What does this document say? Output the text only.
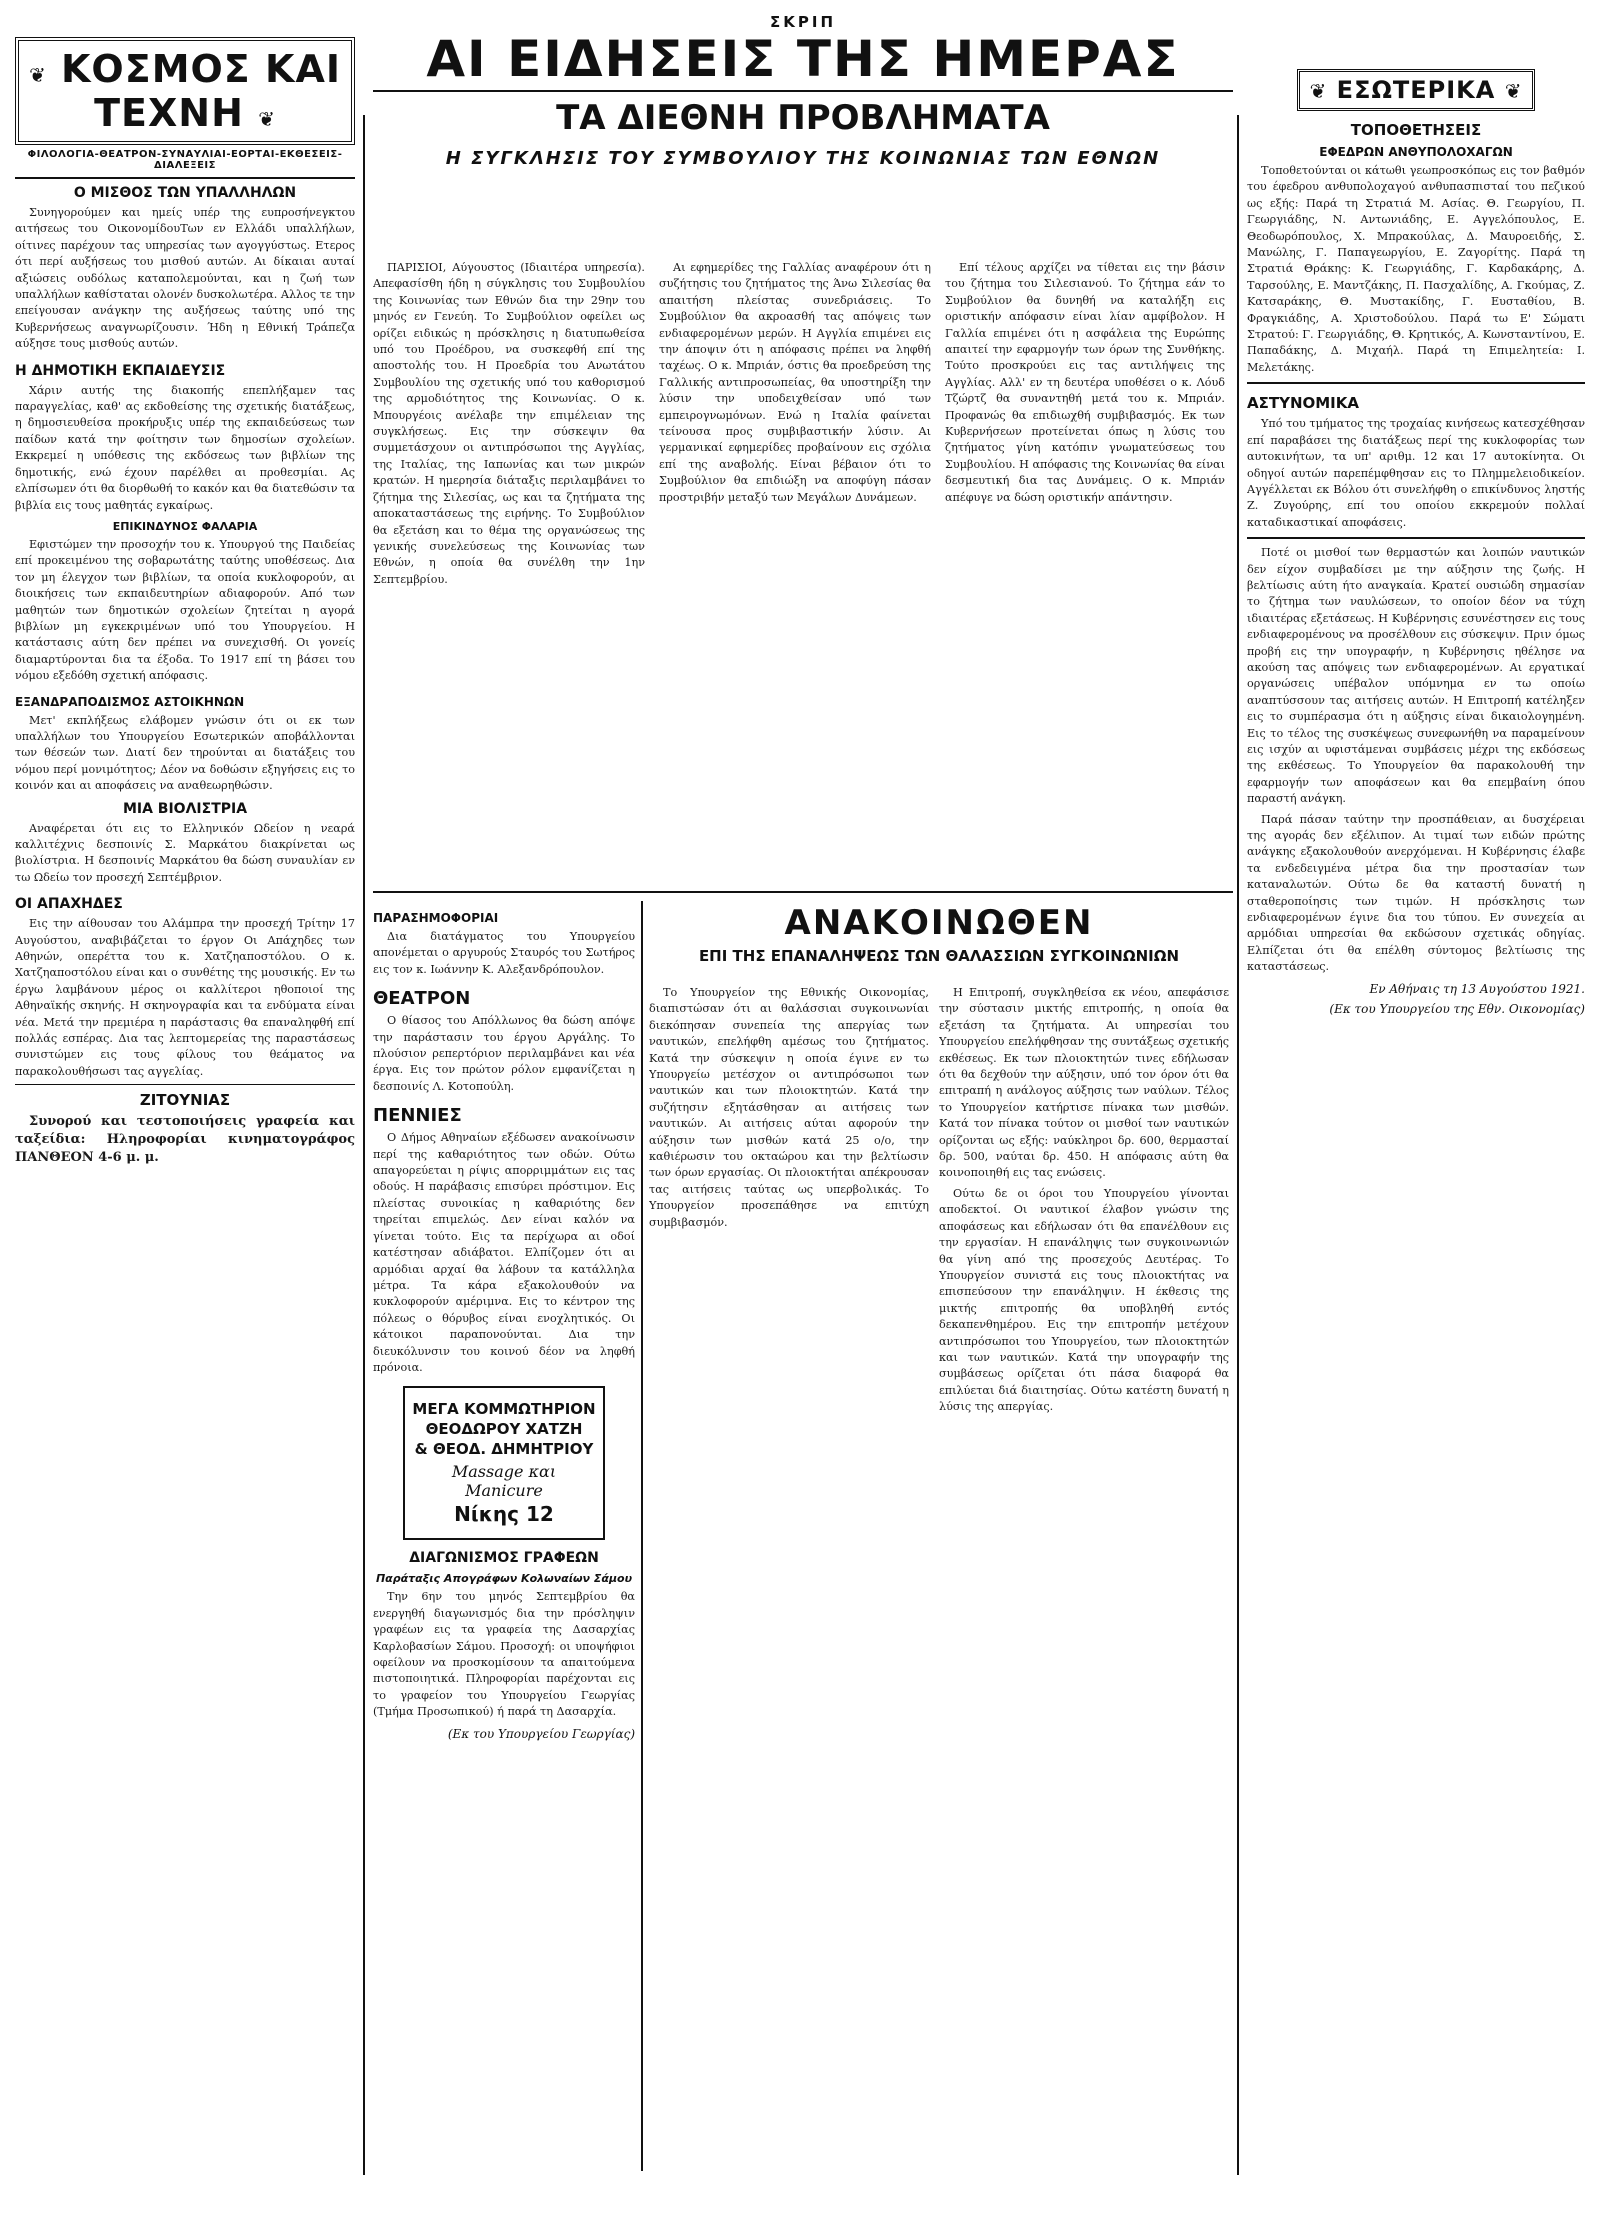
❦ ΚΟΣΜΟΣ ΚΑΙ ΤΕΧΝΗ ❦
ΦΙΛΟΛΟΓΙΑ-ΘΕΑΤΡΟΝ-ΣΥΝΑΥΛΙΑΙ-ΕΟΡΤΑΙ-ΕΚΘΕΣΕΙΣ-ΔΙΑΛΕΞΕΙΣ
Ο ΜΙΣΘΟΣ ΤΩΝ ΥΠΑΛΛΗΛΩΝ

Συνηγορούμεν και ημείς υπέρ της ευπροσήνεγκτου αιτήσεως του ΟικονομίδουΤων εν Ελλάδι υπαλλήλων, οίτινες παρέχουν τας υπηρεσίας των αγογγύστως. Ετερος ότι περί αυξήσεως του μισθού αυτών. Αι δίκαιαι αυταί αξιώσεις ουδόλως καταπολεμούνται, και η ζωή των υπαλλήλων καθίσταται ολονέν δυσκολωτέρα. Αλλος τε την επείγουσαν ανάγκην της αυξήσεως ταύτης υπό της Κυβερνήσεως αναγνωρίζουσιν. Ήδη η Εθνική Τράπεζα αύξησε τους μισθούς αυτών.

Η ΔΗΜΟΤΙΚΗ ΕΚΠΑΙΔΕΥΣΙΣ

Χάριν αυτής της διακοπής επεπλήξαμεν τας παραγγελίας, καθ' ας εκδοθείσης της σχετικής διατάξεως, η δημοσιευθείσα προκήρυξις υπέρ της εκπαιδεύσεως των παίδων κατά την φοίτησιν των δημοσίων σχολείων. Εκκρεμεί η υπόθεσις της εκδόσεως των βιβλίων της δημοτικής, ενώ έχουν παρέλθει αι προθεσμίαι. Ας ελπίσωμεν ότι θα διορθωθή το κακόν και θα διατεθώσιν τα βιβλία εις τους μαθητάς εγκαίρως.

ΕΠΙΚΙΝΔΥΝΟΣ ΦΑΛΑΡΙΑ

Εφιστώμεν την προσοχήν του κ. Υπουργού της Παιδείας επί προκειμένου της σοβαρωτάτης ταύτης υποθέσεως. Δια τον μη έλεγχον των βιβλίων, τα οποία κυκλοφορούν, αι διοικήσεις των εκπαιδευτηρίων αδιαφορούν. Από των μαθητών των δημοτικών σχολείων ζητείται η αγορά βιβλίων μη εγκεκριμένων υπό του Υπουργείου. Η κατάστασις αύτη δεν πρέπει να συνεχισθή. Οι γονείς διαμαρτύρονται δια τα έξοδα. Το 1917 επί τη βάσει του νόμου εξεδόθη σχετική απόφασις.

ΕΞΑΝΔΡΑΠΟΔΙΣΜΟΣ ΑΣΤΟΙΚΗΝΩΝ

Μετ' εκπλήξεως ελάβομεν γνώσιν ότι οι εκ των υπαλλήλων του Υπουργείου Εσωτερικών αποβάλλονται των θέσεών των. Διατί δεν τηρούνται αι διατάξεις του νόμου περί μονιμότητος; Δέον να δοθώσιν εξηγήσεις εις το κοινόν και αι αποφάσεις να αναθεωρηθώσιν.

ΜΙΑ ΒΙΟΛΙΣΤΡΙΑ

Αναφέρεται ότι εις το Ελληνικόν Ωδείον η νεαρά καλλιτέχνις δεσποινίς Σ. Μαρκάτου διακρίνεται ως βιολίστρια. Η δεσποινίς Μαρκάτου θα δώση συναυλίαν εν τω Ωδείω τον προσεχή Σεπτέμβριον.

ΟΙ ΑΠΑΧΗΔΕΣ

Εις την αίθουσαν του Αλάμπρα την προσεχή Τρίτην 17 Αυγούστου, αναβιβάζεται το έργον Οι Απάχηδες των Αθηνών, οπερέττα του κ. Χατζηαποστόλου. Ο κ. Χατζηαποστόλου είναι και ο συνθέτης της μουσικής. Εν τω έργω λαμβάνουν μέρος οι καλλίτεροι ηθοποιοί της Αθηναϊκής σκηνής. Η σκηνογραφία και τα ενδύματα είναι νέα. Μετά την πρεμιέρα η παράστασις θα επαναληφθή επί πολλάς εσπέρας. Δια τας λεπτομερείας της παραστάσεως συνιστώμεν εις τους φίλους του θεάματος να παρακολουθήσωσι τας αγγελίας.

ΖΙΤΟΥΝΙΑΣ

Συνορού και τεστοποιήσεις γραφεία και ταξείδια: Ηληροφορίαι κινηματογράφος ΠΑΝΘΕΟΝ 4-6 μ. μ.

ΣΚΡΙΠ
ΑΙ ΕΙΔΗΣΕΙΣ ΤΗΣ ΗΜΕΡΑΣ
ΤΑ ΔΙΕΘΝΗ ΠΡΟΒΛΗΜΑΤΑ
Η ΣΥΓΚΛΗΣΙΣ ΤΟΥ ΣΥΜΒΟΥΛΙΟΥ ΤΗΣ ΚΟΙΝΩΝΙΑΣ ΤΩΝ ΕΘΝΩΝ

ΠΑΡΙΣΙΟΙ, Αύγουστος (Ιδιαιτέρα υπηρεσία). Απεφασίσθη ήδη η σύγκλησις του Συμβουλίου της Κοινωνίας των Εθνών δια την 29ην του μηνός εν Γενεύη. Το Συμβούλιον οφείλει ως ορίζει ειδικώς η πρόσκλησις η διατυπωθείσα υπό του Προέδρου, να συσκεφθή επί της αποστολής του. Η Προεδρία του Ανωτάτου Συμβουλίου της σχετικής υπό του καθορισμού της αρμοδιότητος της Κοινωνίας. Ο κ. Μπουργέοις ανέλαβε την επιμέλειαν της συγκλήσεως. Εις την σύσκεψιν θα συμμετάσχουν οι αντιπρόσωποι της Αγγλίας, της Ιταλίας, της Ιαπωνίας και των μικρών κρατών. Η ημερησία διάταξις περιλαμβάνει το ζήτημα της Σιλεσίας, ως και τα ζητήματα της αποκαταστάσεως της ειρήνης. Το Συμβούλιον θα εξετάση και το θέμα της οργανώσεως της γενικής συνελεύσεως της Κοινωνίας των Εθνών, η οποία θα συνέλθη την 1ην Σεπτεμβρίου.

Αι εφημερίδες της Γαλλίας αναφέρουν ότι η συζήτησις του ζητήματος της Άνω Σιλεσίας θα απαιτήση πλείστας συνεδριάσεις. Το Συμβούλιον θα ακροασθή τας απόψεις των ενδιαφερομένων μερών. Η Αγγλία επιμένει εις την άποψιν ότι η απόφασις πρέπει να ληφθή ταχέως. Ο κ. Μπριάν, όστις θα προεδρεύση της Γαλλικής αντιπροσωπείας, θα υποστηρίξη την λύσιν την υποδειχθείσαν υπό των εμπειρογνωμόνων. Ενώ η Ιταλία φαίνεται τείνουσα προς συμβιβαστικήν λύσιν. Αι γερμανικαί εφημερίδες προβαίνουν εις σχόλια επί της αναβολής. Είναι βέβαιον ότι το Συμβούλιον θα επιδιώξη να αποφύγη πάσαν προστριβήν μεταξύ των Μεγάλων Δυνάμεων.

Επί τέλους αρχίζει να τίθεται εις την βάσιν του ζήτημα του Σιλεσιανού. Το ζήτημα εάν το Συμβούλιον θα δυνηθή να καταλήξη εις οριστικήν απόφασιν είναι λίαν αμφίβολον. Η Γαλλία επιμένει ότι η ασφάλεια της Ευρώπης απαιτεί την εφαρμογήν των όρων της Συνθήκης. Τούτο προσκρούει εις τας αντιλήψεις της Αγγλίας. Αλλ' εν τη δευτέρα υποθέσει ο κ. Λόυδ Τζώρτζ θα συναντηθή μετά του κ. Μπριάν. Προφανώς θα επιδιωχθή συμβιβασμός. Εκ των Κυβερνήσεων προτείνεται όπως η λύσις του ζητήματος γίνη κατόπιν γνωματεύσεως του Συμβουλίου. Η απόφασις της Κοινωνίας θα είναι δεσμευτική δια τας Δυνάμεις. Ο κ. Μπριάν απέφυγε να δώση οριστικήν απάντησιν.

ΠΑΡΑΣΗΜΟΦΟΡΙΑΙ

Δια διατάγματος του Υπουργείου απονέμεται ο αργυρούς Σταυρός του Σωτήρος εις τον κ. Ιωάννην Κ. Αλεξανδρόπουλον.

ΘΕΑΤΡΟΝ

Ο θίασος του Απόλλωνος θα δώση απόψε την παράστασιν του έργου Αργάλης. Το πλούσιον ρεπερτόριον περιλαμβάνει και νέα έργα. Εις τον πρώτον ρόλον εμφανίζεται η δεσποινίς Λ. Κοτοπούλη.

ΠΕΝΝΙΕΣ

Ο Δήμος Αθηναίων εξέδωσεν ανακοίνωσιν περί της καθαριότητος των οδών. Ούτω απαγορεύεται η ρίψις απορριμμάτων εις τας οδούς. Η παράβασις επισύρει πρόστιμον. Εις πλείστας συνοικίας η καθαριότης δεν τηρείται επιμελώς. Δεν είναι καλόν να γίνεται τούτο. Εις τα περίχωρα αι οδοί κατέστησαν αδιάβατοι. Ελπίζομεν ότι αι αρμόδιαι αρχαί θα λάβουν τα κατάλληλα μέτρα. Τα κάρα εξακολουθούν να κυκλοφορούν αμέριμνα. Εις το κέντρον της πόλεως ο θόρυβος είναι ενοχλητικός. Οι κάτοικοι παραπονούνται. Δια την διευκόλυνσιν του κοινού δέον να ληφθή πρόνοια.

ΜΕΓΑ ΚΟΜΜΩΤΗΡΙΟΝ
ΘΕΟΔΩΡΟΥ ΧΑΤΖΗ
& ΘΕΟΔ. ΔΗΜΗΤΡΙΟΥ
Massage και Manicure
Νίκης 12
ΔΙΑΓΩΝΙΣΜΟΣ ΓΡΑΦΕΩΝ
Παράταξις Απογράφων Κολωναίων Σάμου

Την 6ην του μηνός Σεπτεμβρίου θα ενεργηθή διαγωνισμός δια την πρόσληψιν γραφέων εις τα γραφεία της Δασαρχίας Καρλοβασίων Σάμου. Προσοχή: οι υποψήφιοι οφείλουν να προσκομίσουν τα απαιτούμενα πιστοποιητικά. Πληροφορίαι παρέχονται εις το γραφείον του Υπουργείου Γεωργίας (Τμήμα Προσωπικού) ή παρά τη Δασαρχία.

(Εκ του Υπουργείου Γεωργίας)
ΑΝΑΚΟΙΝΩΘΕΝ
ΕΠΙ ΤΗΣ ΕΠΑΝΑΛΗΨΕΩΣ ΤΩΝ ΘΑΛΑΣΣΙΩΝ ΣΥΓΚΟΙΝΩΝΙΩΝ

Το Υπουργείον της Εθνικής Οικονομίας, διαπιστώσαν ότι αι θαλάσσιαι συγκοινωνίαι διεκόπησαν συνεπεία της απεργίας των ναυτικών, επελήφθη αμέσως του ζητήματος. Κατά την σύσκεψιν η οποία έγινε εν τω Υπουργείω μετέσχον οι αντιπρόσωποι των ναυτικών και των πλοιοκτητών. Κατά την συζήτησιν εξητάσθησαν αι αιτήσεις των ναυτικών. Αι αιτήσεις αύται αφορούν την αύξησιν των μισθών κατά 25 ο/ο, την καθιέρωσιν του οκταώρου και την βελτίωσιν των όρων εργασίας. Οι πλοιοκτήται απέκρουσαν τας αιτήσεις ταύτας ως υπερβολικάς. Το Υπουργείον προσεπάθησε να επιτύχη συμβιβασμόν.

Η Επιτροπή, συγκληθείσα εκ νέου, απεφάσισε την σύστασιν μικτής επιτροπής, η οποία θα εξετάση τα ζητήματα. Αι υπηρεσίαι του Υπουργείου επελήφθησαν της συντάξεως σχετικής εκθέσεως. Εκ των πλοιοκτητών τινες εδήλωσαν ότι θα δεχθούν την αύξησιν, υπό τον όρον ότι θα επιτραπή η ανάλογος αύξησις των ναύλων. Τέλος το Υπουργείον κατήρτισε πίνακα των μισθών. Κατά τον πίνακα τούτον οι μισθοί των ναυτικών ορίζονται ως εξής: ναύκληροι δρ. 600, θερμασταί δρ. 500, ναύται δρ. 450. Η απόφασις αύτη θα κοινοποιηθή εις τας ενώσεις.

Ούτω δε οι όροι του Υπουργείου γίνονται αποδεκτοί. Οι ναυτικοί έλαβον γνώσιν της αποφάσεως και εδήλωσαν ότι θα επανέλθουν εις την εργασίαν. Η επανάληψις των συγκοινωνιών θα γίνη από της προσεχούς Δευτέρας. Το Υπουργείον συνιστά εις τους πλοιοκτήτας να επισπεύσουν την επανάληψιν. Η έκθεσις της μικτής επιτροπής θα υποβληθή εντός δεκαπενθημέρου. Εις την επιτροπήν μετέχουν αντιπρόσωποι του Υπουργείου, των πλοιοκτητών και των ναυτικών. Κατά την υπογραφήν της συμβάσεως ορίζεται ότι πάσα διαφορά θα επιλύεται διά διαιτησίας. Ούτω κατέστη δυνατή η λύσις της απεργίας.

❦ ΕΣΩΤΕΡΙΚΑ ❦
ΤΟΠΟΘΕΤΗΣΕΙΣ
ΕΦΕΔΡΩΝ ΑΝΘΥΠΟΛΟΧΑΓΩΝ

Τοποθετούνται οι κάτωθι γεωπροσκόπως εις τον βαθμόν του έφεδρου ανθυπολοχαγού ανθυπασπισταί του πεζικού ως εξής: Παρά τη Στρατιά Μ. Ασίας. Θ. Γεωργίου, Π. Γεωργιάδης, Ν. Αντωνιάδης, Ε. Αγγελόπουλος, Ε. Θεοδωρόπουλος, Χ. Μπρακούλας, Δ. Μαυροειδής, Σ. Μανώλης, Γ. Παπαγεωργίου, Ε. Ζαγορίτης. Παρά τη Στρατιά Θράκης: Κ. Γεωργιάδης, Γ. Καρδακάρης, Δ. Ταρσούλης, Ε. Μαντζάκης, Π. Πασχαλίδης, Α. Γκούμας, Ζ. Κατσαράκης, Θ. Μυστακίδης, Γ. Ευσταθίου, Β. Φραγκιάδης, Α. Χριστοδούλου. Παρά τω Ε' Σώματι Στρατού: Γ. Γεωργιάδης, Θ. Κρητικός, Α. Κωνσταντίνου, Ε. Παπαδάκης, Δ. Μιχαήλ. Παρά τη Επιμελητεία: Ι. Μελετάκης.

ΑΣΤΥΝΟΜΙΚΑ

Υπό του τμήματος της τροχαίας κινήσεως κατεσχέθησαν επί παραβάσει της διατάξεως περί της κυκλοφορίας των αυτοκινήτων, τα υπ' αριθμ. 12 και 17 αυτοκίνητα. Οι οδηγοί αυτών παρεπέμφθησαν εις το Πλημμελειοδικείον. Αγγέλλεται εκ Βόλου ότι συνελήφθη ο επικίνδυνος ληστής Ζ. Ζυγούρης, επί του οποίου εκκρεμούν πολλαί καταδικαστικαί αποφάσεις.

Ποτέ οι μισθοί των θερμαστών και λοιπών ναυτικών δεν είχον συμβαδίσει με την αύξησιν της ζωής. Η βελτίωσις αύτη ήτο αναγκαία. Κρατεί ουσιώδη σημασίαν το ζήτημα των ναυλώσεων, το οποίον δέον να τύχη ιδιαιτέρας εξετάσεως. Η Κυβέρνησις εσυνέστησεν εις τους ενδιαφερομένους να προσέλθουν εις σύσκεψιν. Πριν όμως προβή εις την υπογραφήν, η Κυβέρνησις ηθέλησε να ακούση τας απόψεις των ενδιαφερομένων. Αι εργατικαί οργανώσεις υπέβαλον υπόμνημα εν τω οποίω αναπτύσσουν τας αιτήσεις αυτών. Η Επιτροπή κατέληξεν εις το συμπέρασμα ότι η αύξησις είναι δικαιολογημένη. Εις το τέλος της συσκέψεως συνεφωνήθη να παραμείνουν εις ισχύν αι υφιστάμεναι συμβάσεις μέχρι της εκδόσεως της εκθέσεως. Το Υπουργείον θα παρακολουθή την εφαρμογήν των αποφάσεων και θα επεμβαίνη όπου παραστή ανάγκη.

Παρά πάσαν ταύτην την προσπάθειαν, αι δυσχέρειαι της αγοράς δεν εξέλιπον. Αι τιμαί των ειδών πρώτης ανάγκης εξακολουθούν ανερχόμεναι. Η Κυβέρνησις έλαβε τα ενδεδειγμένα μέτρα δια την προστασίαν των καταναλωτών. Ούτω δε θα καταστή δυνατή η σταθεροποίησις των τιμών. Η πρόσκλησις των ενδιαφερομένων έγινε δια του τύπου. Εν συνεχεία αι αρμόδιαι υπηρεσίαι θα εκδώσουν σχετικάς οδηγίας. Ελπίζεται ότι θα επέλθη σύντομος βελτίωσις της καταστάσεως.

Εν Αθήναις τη 13 Αυγούστου 1921.
(Εκ του Υπουργείου της Εθν. Οικονομίας)
